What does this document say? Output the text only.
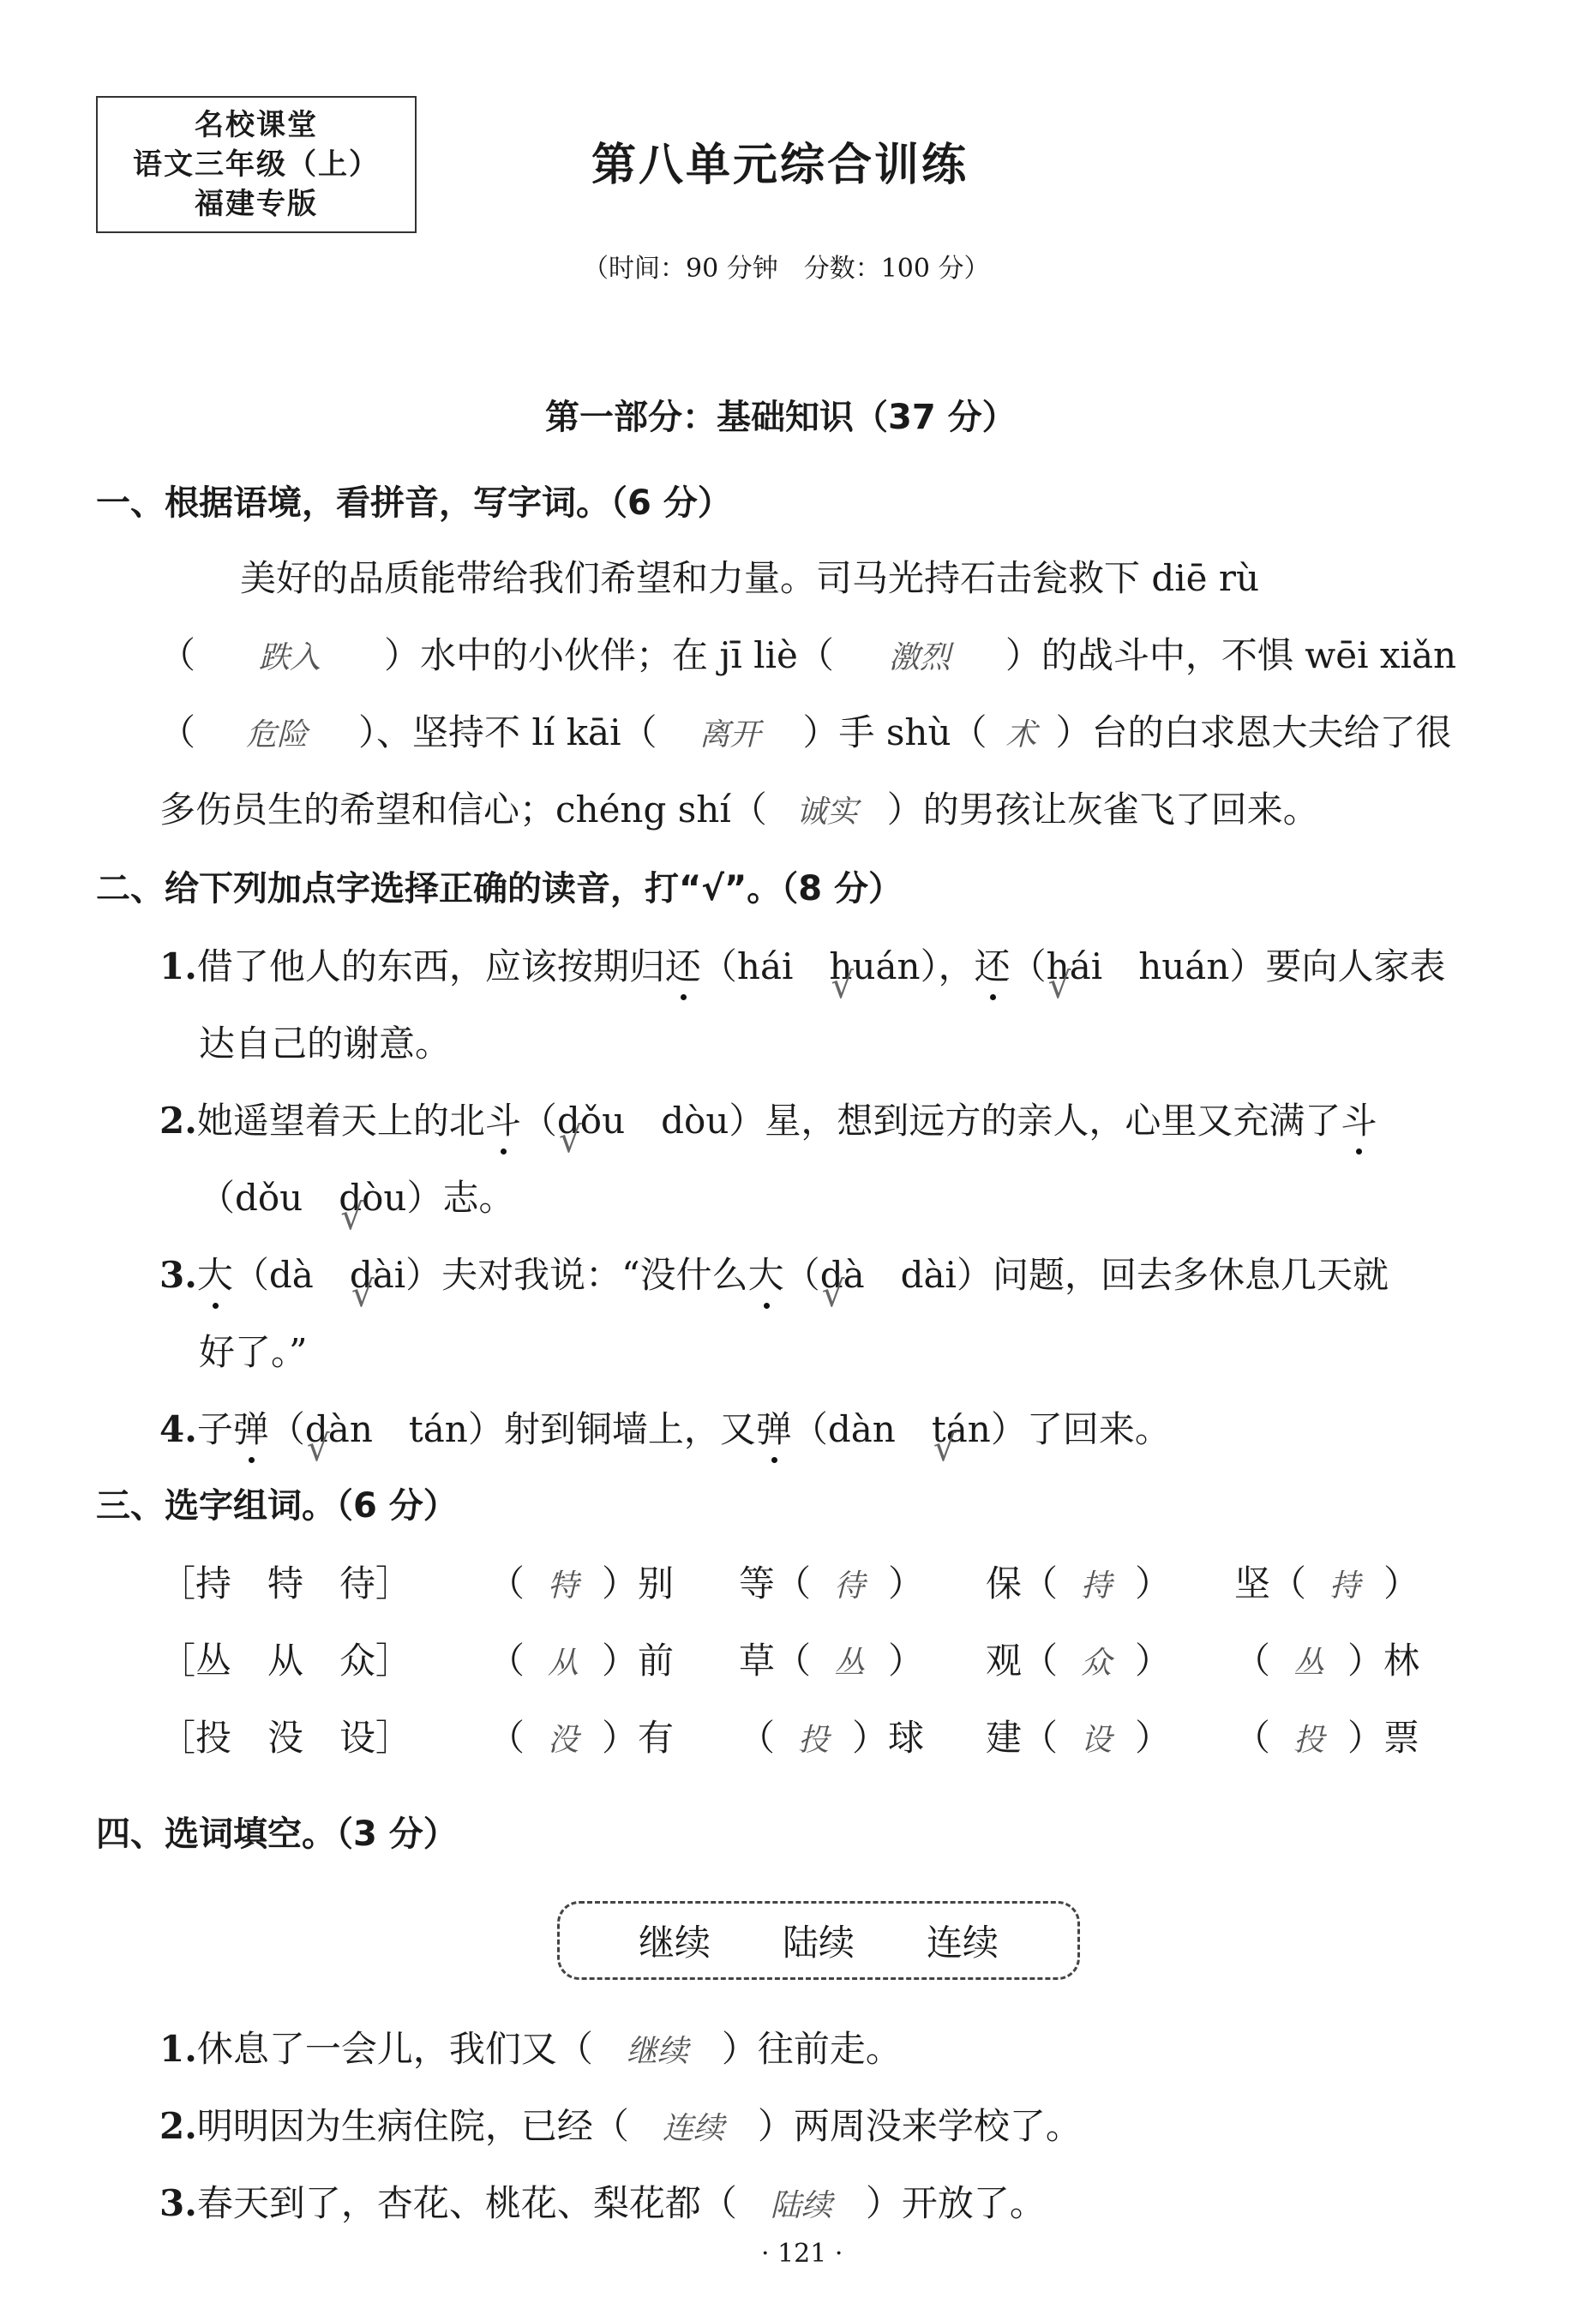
名校课堂
语文三年级（上）
福建专版
第八单元综合训练
（时间：90 分钟　分数：100 分）
第一部分：基础知识（37 分）
一、根据语境，看拼音，写字词。（6 分）
美好的品质能带给我们希望和力量。司马光持石击瓮救下 diē rù
（ 跌入 ）水中的小伙伴；在 jī liè（ 激烈 ）的战斗中，不惧 wēi xiǎn
（ 危险 ）、坚持不 lí kāi（ 离开 ）手 shù（ 术 ）台的白求恩大夫给了很
多伤员生的希望和信心；chéng shí（ 诚实 ）的男孩让灰雀飞了回来。
二、给下列加点字选择正确的读音，打“√”。（8 分）
1.借了他人的东西，应该按期归还（hái　huán √），还（hái √　huán）要向人家表
达自己的谢意。
2.她遥望着天上的北斗（dǒu √　dòu）星，想到远方的亲人，心里又充满了斗
（dǒu　dòu √）志。
3.大（dà　dài √）夫对我说：“没什么大（dà √　dài）问题，回去多休息几天就
好了。”
4.子弹（dàn √　tán）射到铜墙上，又弹（dàn　tán √）了回来。
三、选字组词。（6 分）
［持　特　待］ （ 特 ）别 等（ 待 ） 保（ 持 ） 坚（ 持 ）
［丛　从　众］ （ 从 ）前 草（ 丛 ） 观（ 众 ） （ 丛 ）林
［投　没　设］ （ 没 ）有 （ 投 ）球 建（ 设 ） （ 投 ）票
四、选词填空。（3 分）
继续 陆续 连续
1.休息了一会儿，我们又（ 继续 ）往前走。
2.明明因为生病住院，已经（ 连续 ）两周没来学校了。
3.春天到了，杏花、桃花、梨花都（ 陆续 ）开放了。
· 121 ·
